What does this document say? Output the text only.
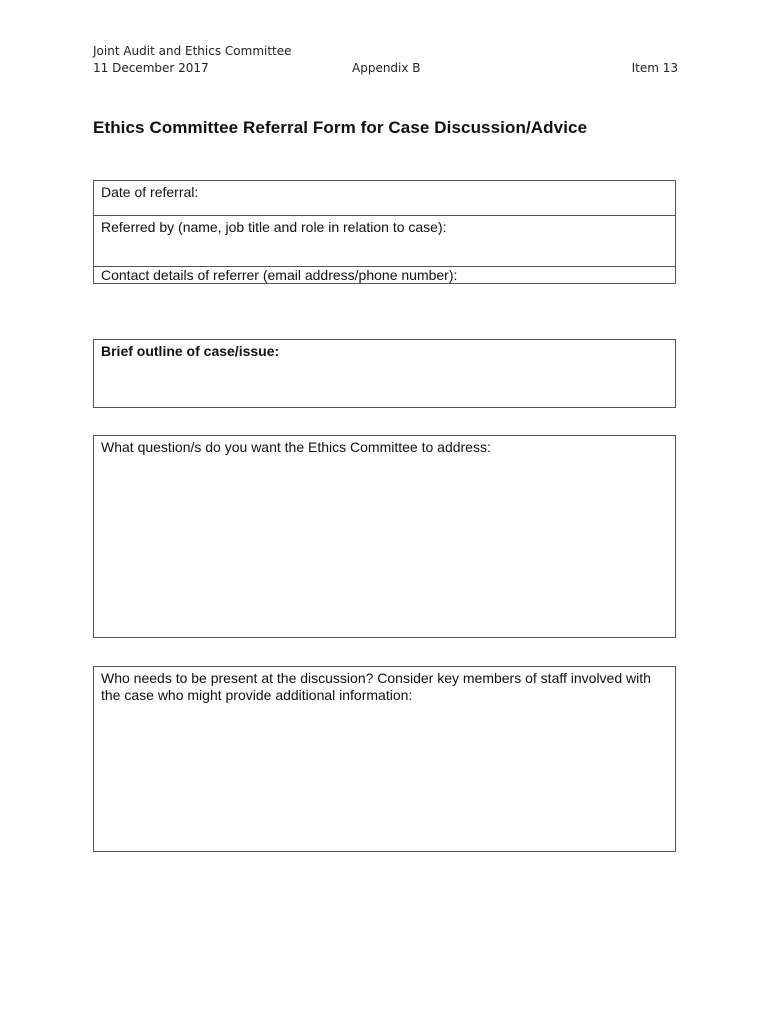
Joint Audit and Ethics Committee
11 December 2017	Appendix B	Item 13
Ethics Committee Referral Form for Case Discussion/Advice
Date of referral:
Referred by (name, job title and role in relation to case):
Contact details of referrer (email address/phone number):
Brief outline of case/issue:
What question/s do you want the Ethics Committee to address:
Who needs to be present at the discussion? Consider key members of staff involved with the case who might provide additional information:
